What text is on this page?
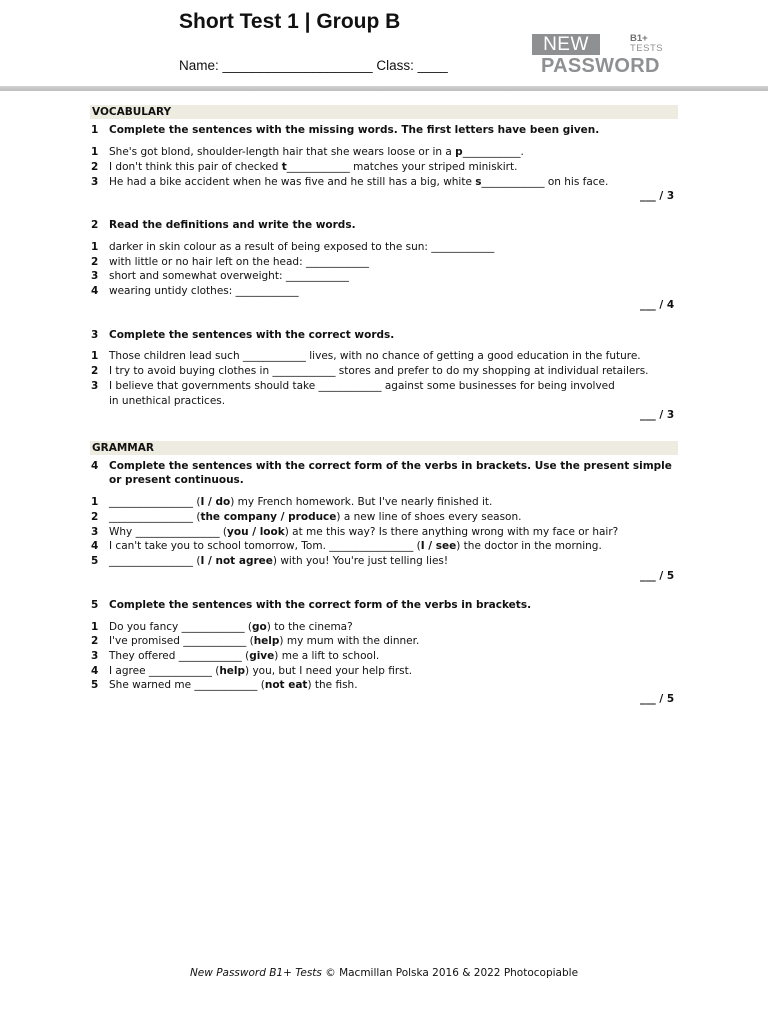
Short Test 1 | Group B
Name: ____________________ Class: ____
NEW	B1+
TESTS
PASSWORD
VOCABULARY
GRAMMAR
1 Complete the sentences with the missing words. The first letters have been given.
1 She's got blond, shoulder-length hair that she wears loose or in a p___________.
2 I don't think this pair of checked t____________ matches your striped miniskirt.
3 He had a bike accident when he was five and he still has a big, white s____________ on his face.
2 Read the definitions and write the words.
1 darker in skin colour as a result of being exposed to the sun: ____________
2 with little or no hair left on the head: ____________
3 short and somewhat overweight: ____________
4 wearing untidy clothes: ____________
3 Complete the sentences with the correct words.
1 Those children lead such ____________ lives, with no chance of getting a good education in the future.
2 I try to avoid buying clothes in ____________ stores and prefer to do my shopping at individual retailers.
3 I believe that governments should take ____________ against some businesses for being involved
in unethical practices.
4 Complete the sentences with the correct form of the verbs in brackets. Use the present simple
or present continuous.
1 ________________ (I / do) my French homework. But I've nearly finished it.
2 ________________ (the company / produce) a new line of shoes every season.
3 Why ________________ (you / look) at me this way? Is there anything wrong with my face or hair?
4 I can't take you to school tomorrow, Tom. ________________ (I / see) the doctor in the morning.
5 ________________ (I / not agree) with you! You're just telling lies!
5 Complete the sentences with the correct form of the verbs in brackets.
1 Do you fancy ____________ (go) to the cinema?
2 I've promised ____________ (help) my mum with the dinner.
3 They offered ____________ (give) me a lift to school.
4 I agree ____________ (help) you, but I need your help first.
5 She warned me ____________ (not eat) the fish.
___ / 3
___ / 4
___ / 3
___ / 5
___ / 5
New Password B1+ Tests © Macmillan Polska 2016 & 2022 Photocopiable
